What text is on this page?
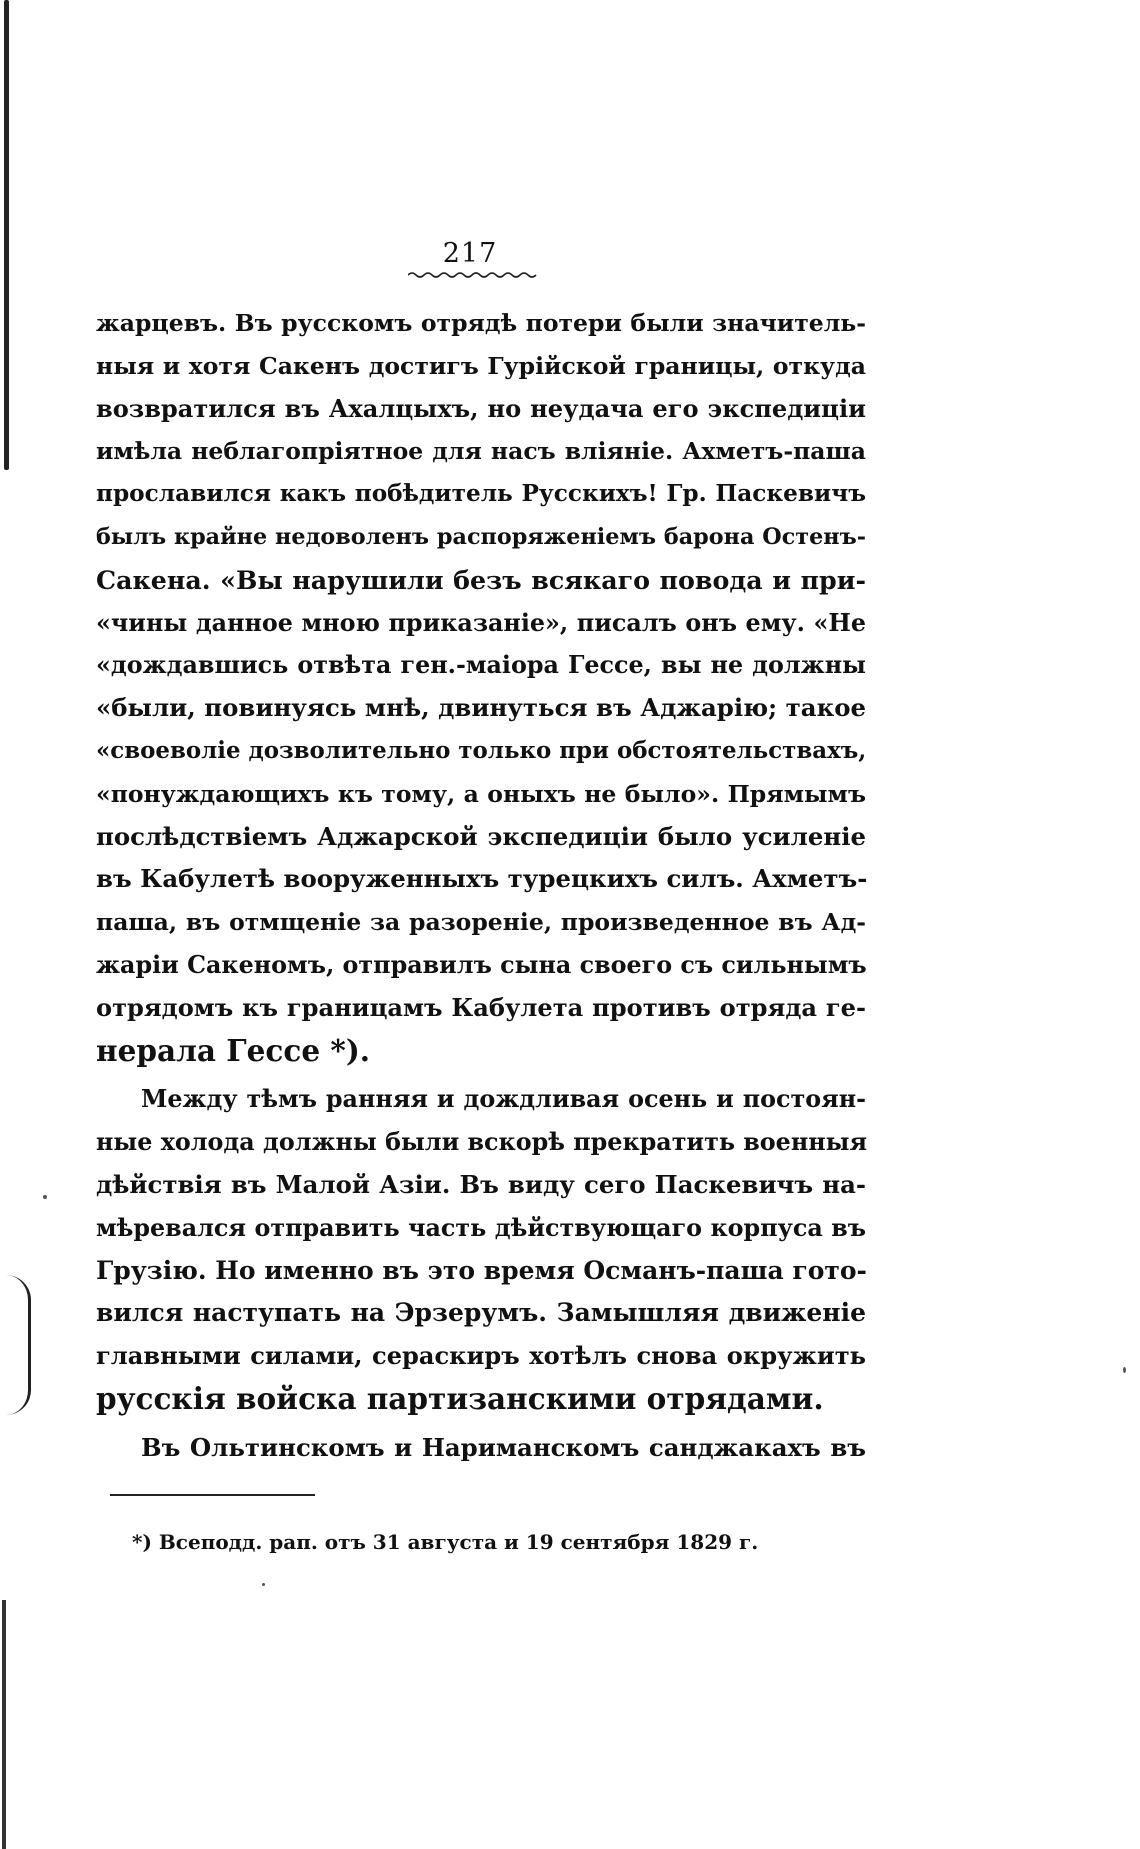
217
жарцевъ. Въ русскомъ отрядѣ потери были значитель-
ныя и хотя Сакенъ достигъ Гурійской границы, откуда
возвратился въ Ахалцыхъ, но неудача его экспедиціи
имѣла неблагопріятное для насъ вліяніе. Ахметъ-паша
прославился какъ побѣдитель Русскихъ! Гр. Паскевичъ
былъ крайне недоволенъ распоряженіемъ барона Остенъ-
Сакена. «Вы нарушили безъ всякаго повода и при-
«чины данное мною приказаніе», писалъ онъ ему. «Не
«дождавшись отвѣта ген.-маіора Гессе, вы не должны
«были, повинуясь мнѣ, двинуться въ Аджарію; такое
«своеволіе дозволительно только при обстоятельствахъ,
«понуждающихъ къ тому, а оныхъ не было». Прямымъ
послѣдствіемъ Аджарской экспедиціи было усиленіе
въ Кабулетѣ вооруженныхъ турецкихъ силъ. Ахметъ-
паша, въ отмщеніе за разореніе, произведенное въ Ад-
жаріи Сакеномъ, отправилъ сына своего съ сильнымъ
отрядомъ къ границамъ Кабулета противъ отряда ге-
нерала Гессе *).
Между тѣмъ ранняя и дождливая осень и постоян-
ные холода должны были вскорѣ прекратить военныя
дѣйствія въ Малой Азіи. Въ виду сего Паскевичъ на-
мѣревался отправить часть дѣйствующаго корпуса въ
Грузію. Но именно въ это время Османъ-паша гото-
вился наступать на Эрзерумъ. Замышляя движеніе
главными силами, сераскиръ хотѣлъ снова окружить
русскія войска партизанскими отрядами.
Въ Ольтинскомъ и Нариманскомъ санджакахъ въ
*) Всеподд. рап. отъ 31 августа и 19 сентября 1829 г.
